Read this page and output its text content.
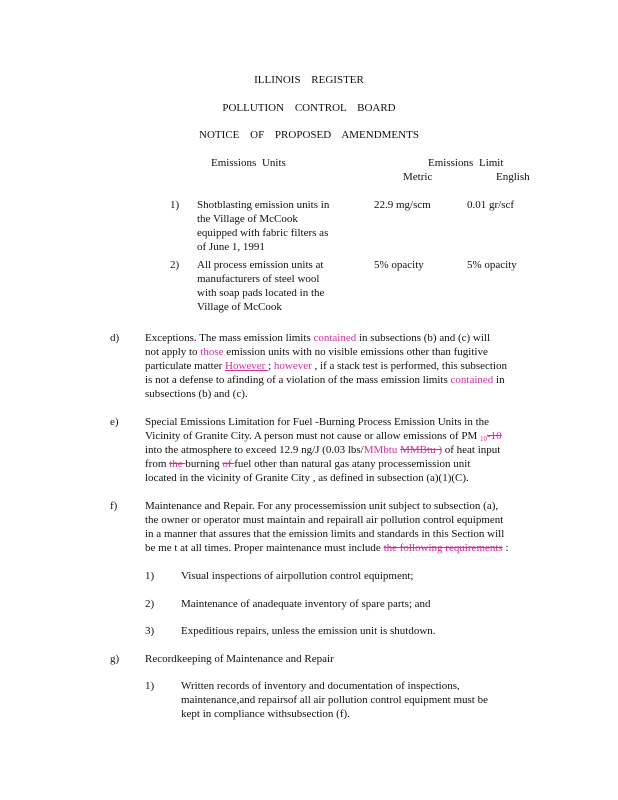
ILLINOIS REGISTER
POLLUTION CONTROL BOARD
NOTICE OF PROPOSED AMENDMENTS
Emissions Units	Emissions Limit
Metric	English
1) Shotblasting emission units in
the Village of McCook
equipped with fabric filters as
of June 1, 1991
22.9 mg/scm	0.01 gr/scf
2) All process emission units at
manufacturers of steel wool
with soap pads located in the
Village of McCook
5% opacity	5% opacity
d) Exceptions. The mass emission limits contained in subsections (b) and (c) will
not apply to those emission units with no visible emissions other than fugitive
particulate matter However ; however , if a stack test is performed, this subsection
is not a defense to afinding of a violation of the mass emission limits contained in
subsections (b) and (c).
e) Special Emissions Limitation for Fuel -Burning Process Emission Units in the
Vicinity of Granite City. A person must not cause or allow emissions of PM $_{10}$-10
into the atmosphere to exceed 12.9 ng/J (0.03 lbs/MMbtu MMBtu ) of heat input
from the burning of fuel other than natural gas atany processemission unit
located in the vicinity of Granite City , as defined in subsection (a)(1)(C).
f)	Maintenance and Repair. For any processemission unit subject to subsection (a),
the owner or operator must maintain and repairall air pollution control equipment
in a manner that assures that the emission limits and standards in this Section will
be me t at all times. Proper maintenance must include the following requirements :
1) Visual inspections of airpollution control equipment;
2) Maintenance of anadequate inventory of spare parts; and
3) Expeditious repairs, unless the emission unit is shutdown.
g) Recordkeeping of Maintenance and Repair
1) Written records of inventory and documentation of inspections,
maintenance,and repairsof all air pollution control equipment must be
kept in compliance withsubsection (f).
